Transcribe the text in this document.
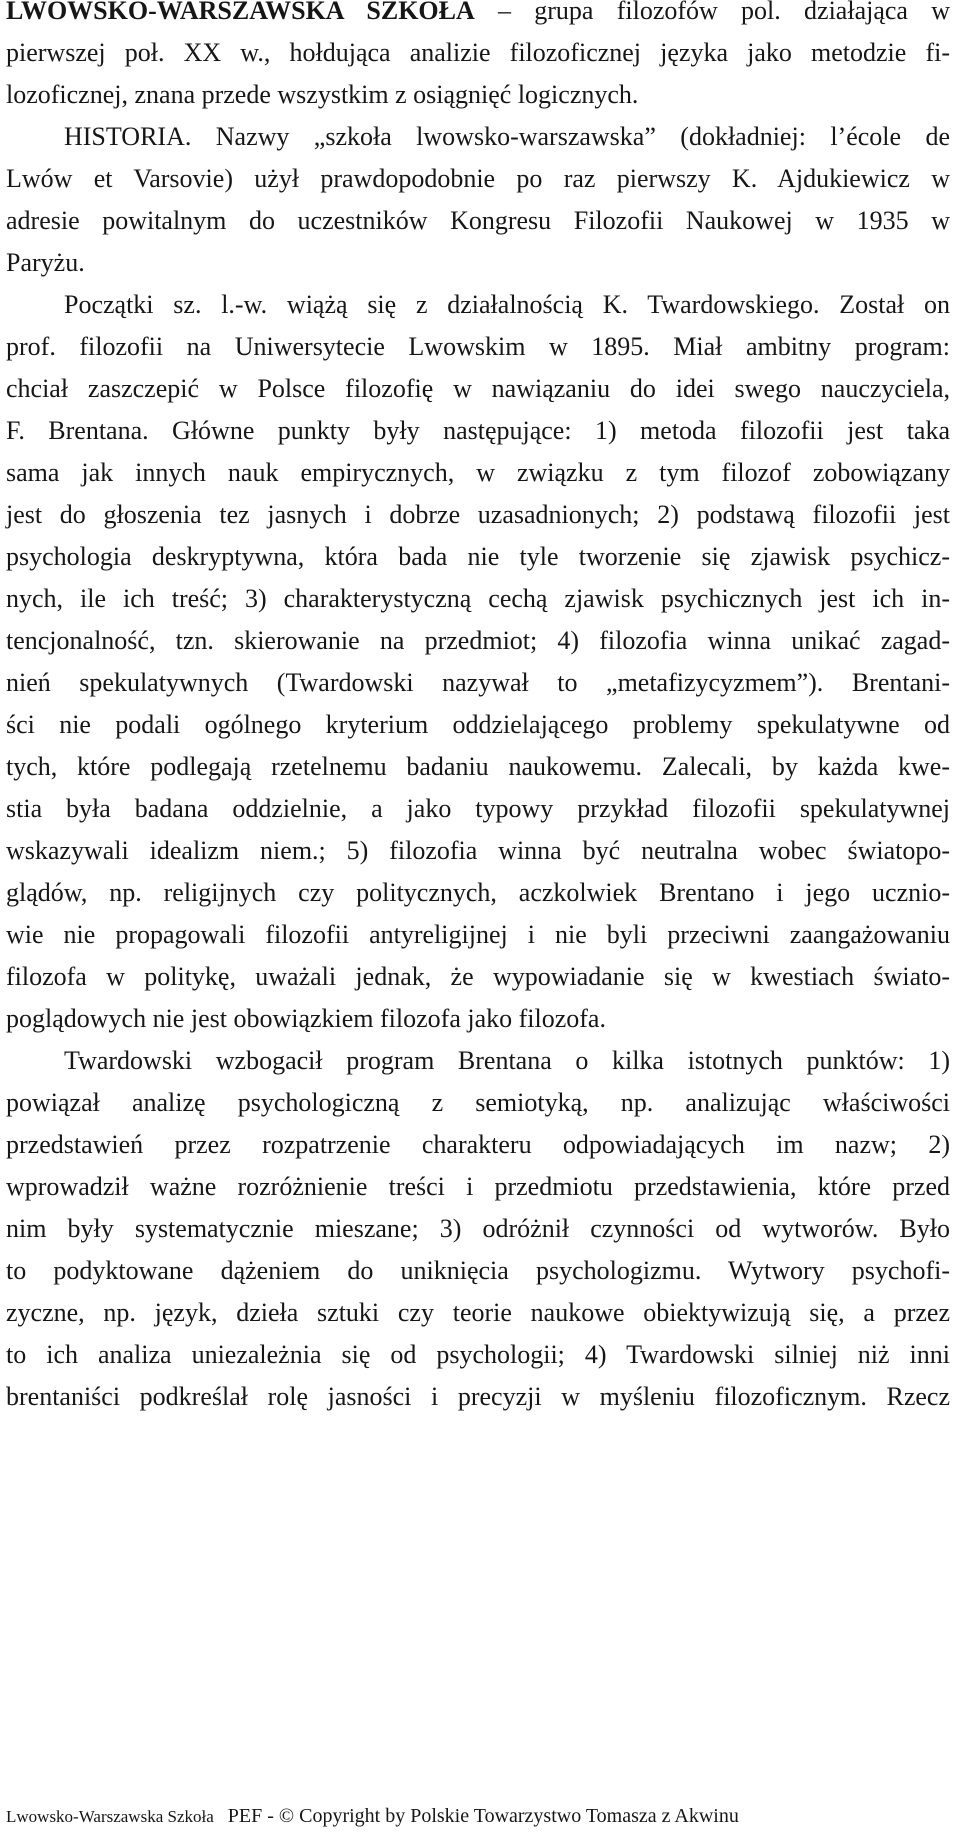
LWOWSKO-WARSZAWSKA SZKOŁA – grupa filozofów pol. działająca w
pierwszej poł. XX w., hołdująca analizie filozoficznej języka jako metodzie fi-
lozoficznej, znana przede wszystkim z osiągnięć logicznych.
HISTORIA. Nazwy „szkoła lwowsko-warszawska” (dokładniej: l’école de
Lwów et Varsovie) użył prawdopodobnie po raz pierwszy K. Ajdukiewicz w
adresie powitalnym do uczestników Kongresu Filozofii Naukowej w 1935 w
Paryżu.
Początki sz. l.-w. wiążą się z działalnością K. Twardowskiego. Został on
prof. filozofii na Uniwersytecie Lwowskim w 1895. Miał ambitny program:
chciał zaszczepić w Polsce filozofię w nawiązaniu do idei swego nauczyciela,
F. Brentana. Główne punkty były następujące: 1) metoda filozofii jest taka
sama jak innych nauk empirycznych, w związku z tym filozof zobowiązany
jest do głoszenia tez jasnych i dobrze uzasadnionych; 2) podstawą filozofii jest
psychologia deskryptywna, która bada nie tyle tworzenie się zjawisk psychicz-
nych, ile ich treść; 3) charakterystyczną cechą zjawisk psychicznych jest ich in-
tencjonalność, tzn. skierowanie na przedmiot; 4) filozofia winna unikać zagad-
nień spekulatywnych (Twardowski nazywał to „metafizycyzmem”). Brentani-
ści nie podali ogólnego kryterium oddzielającego problemy spekulatywne od
tych, które podlegają rzetelnemu badaniu naukowemu. Zalecali, by każda kwe-
stia była badana oddzielnie, a jako typowy przykład filozofii spekulatywnej
wskazywali idealizm niem.; 5) filozofia winna być neutralna wobec światopo-
glądów, np. religijnych czy politycznych, aczkolwiek Brentano i jego ucznio-
wie nie propagowali filozofii antyreligijnej i nie byli przeciwni zaangażowaniu
filozofa w politykę, uważali jednak, że wypowiadanie się w kwestiach świato-
poglądowych nie jest obowiązkiem filozofa jako filozofa.
Twardowski wzbogacił program Brentana o kilka istotnych punktów: 1)
powiązał analizę psychologiczną z semiotyką, np. analizując właściwości
przedstawień przez rozpatrzenie charakteru odpowiadających im nazw; 2)
wprowadził ważne rozróżnienie treści i przedmiotu przedstawienia, które przed
nim były systematycznie mieszane; 3) odróżnił czynności od wytworów. Było
to podyktowane dążeniem do uniknięcia psychologizmu. Wytwory psychofi-
zyczne, np. język, dzieła sztuki czy teorie naukowe obiektywizują się, a przez
to ich analiza uniezależnia się od psychologii; 4) Twardowski silniej niż inni
brentaniści podkreślał rolę jasności i precyzji w myśleniu filozoficznym. Rzecz
Lwowsko-Warszawska Szkoła PEF - © Copyright by Polskie Towarzystwo Tomasza z Akwinu
